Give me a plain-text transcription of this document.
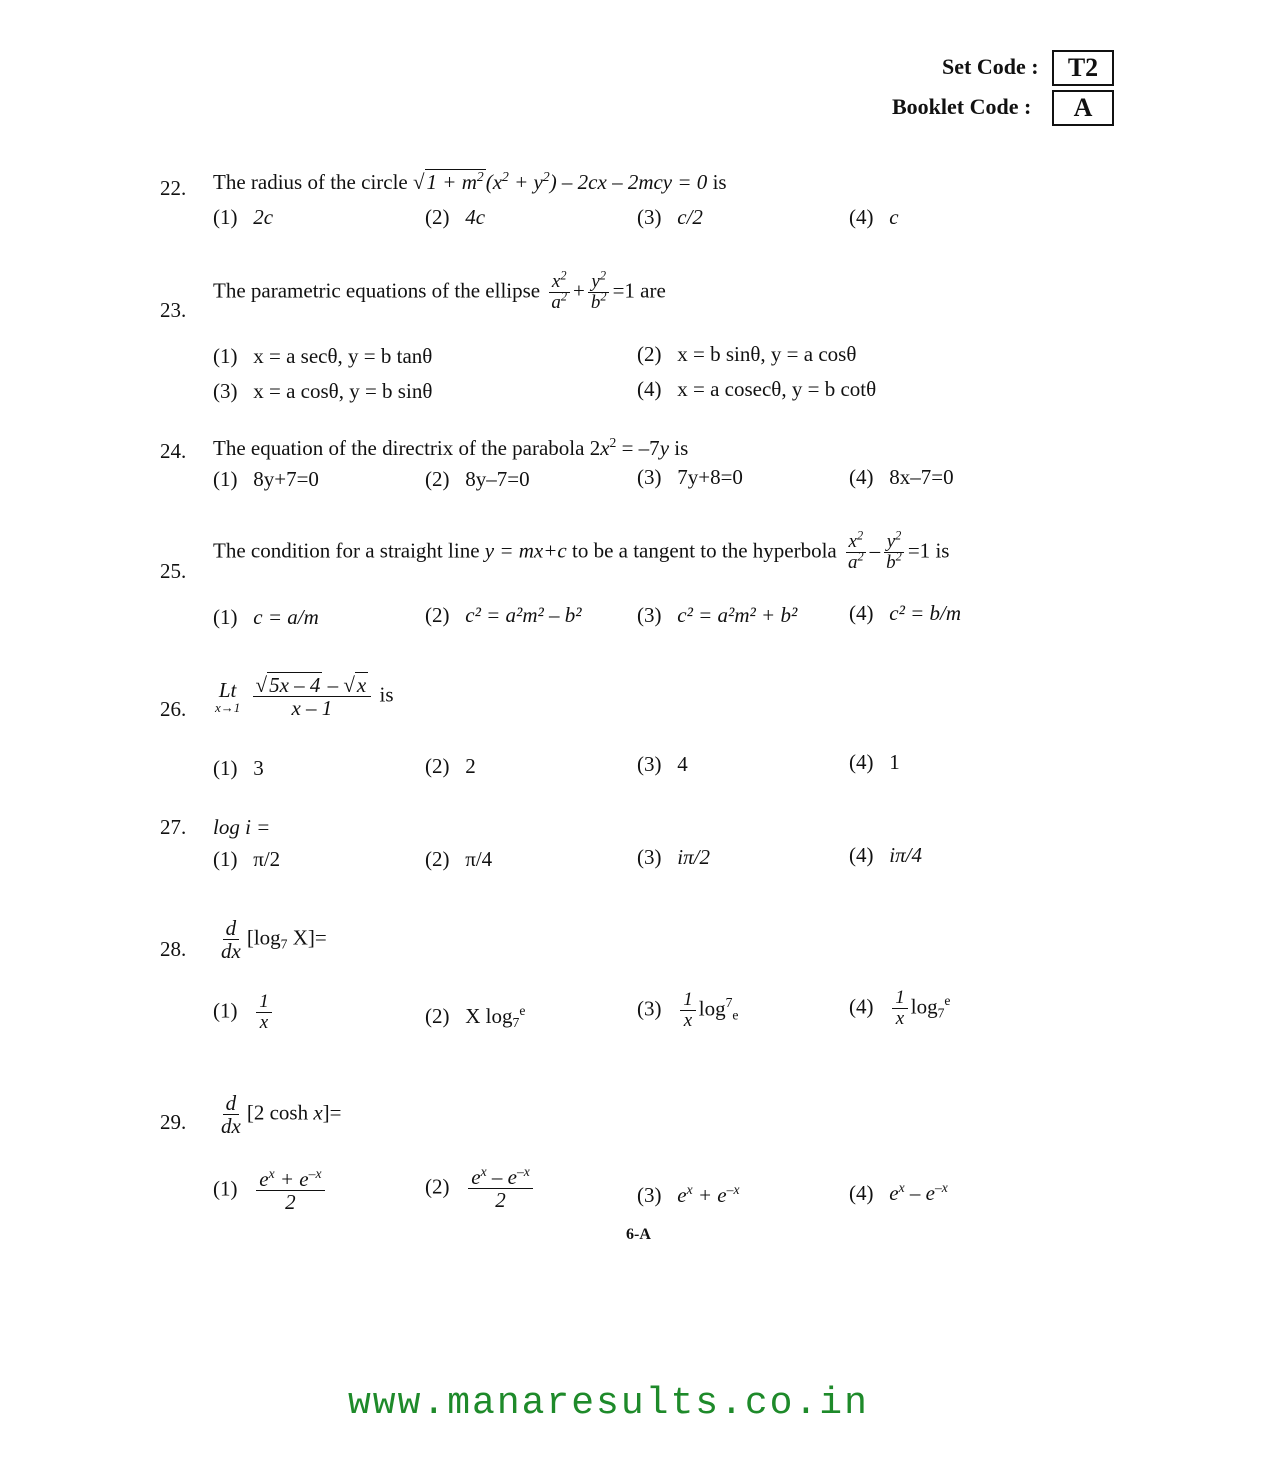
Set Code :	T2
Booklet Code :	A
22. The radius of the circle $√1 + m^2(x^2 + y^2) - 2cx - 2mcy = 0$ is
(1) 2c	(2) 4c	(3) c/2	(4) c
23.
The parametric equations of the ellipse $\frac{x^2}{a^2} + \frac{y^2}{b^2} =1$ are
(1) x = a secθ, y = b tanθ	(2) x = b sinθ, y = a cosθ
(3) x = a cosθ, y = b sinθ	(4) x = a cosecθ, y = b cotθ
24. The equation of the directrix of the parabola $2x^2 = -7y$ is
(1) 8y+7=0	(2) 8y–7=0	(3) 7y+8=0	(4) 8x–7=0
25.
The condition for a straight line y = mx+c to be a tangent to the hyperbola $\frac{x^2}{a^2} - \frac{y^2}{b^2} =1$ is
(1) c = a/m	(2) c² = a²m² – b²	(3) c² = a²m² + b² (4) c² = b/m
26.
Lt
x→1
$\frac{√5x - 4 - √x}{x - 1}$ is
(1) 3	(2) 2	(3) 4	(4) 1
27. log i =
(1) π/2	(2) π/4	(3) iπ/2	(4) iπ/4
28. $\frac{d}{dx} [\log_7$ X]=
$(1) \frac{1}{x}$	(2)   X $\log_7^e$	$(3) \frac{1}{x} \log^7_e$	$(4) \frac{1}{x} \log_7^e$
29. $\frac{d}{dx} [2$ cosh x]=
$(1) \frac{e^x + e^{-x}}{2}$	$(2) \frac{e^x - e^{-x}}{2}$	(3) $e^x + e^{-x}$	(4) $e^x - e^{-x}$
6-A
www.manaresults.co.in
